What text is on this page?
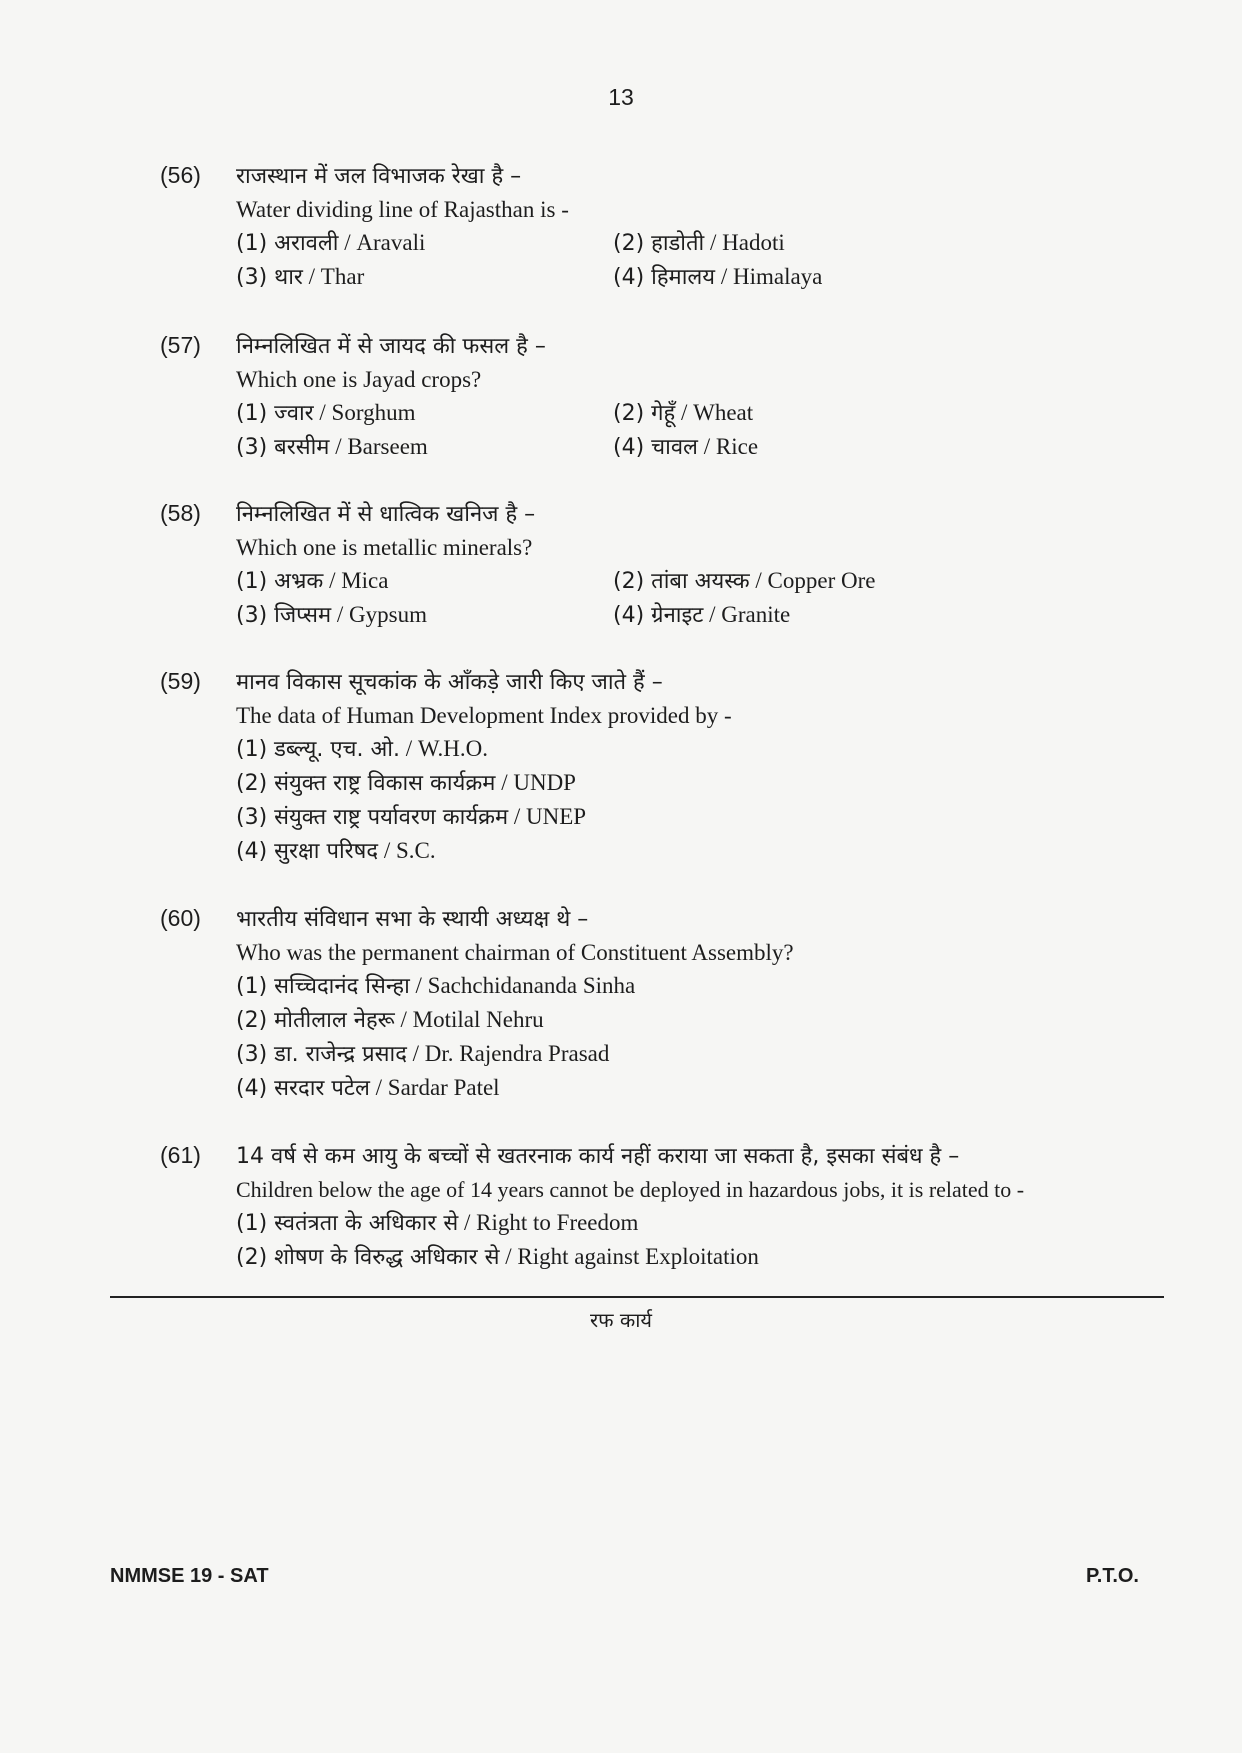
13
(56) राजस्थान में जल विभाजक रेखा है –
Water dividing line of Rajasthan is -
(1) अरावली / Aravali	(2) हाडोती / Hadoti
(3) थार / Thar	(4) हिमालय / Himalaya
(57) निम्नलिखित में से जायद की फसल है –
Which one is Jayad crops?
(1) ज्वार / Sorghum	(2) गेहूँ / Wheat
(3) बरसीम / Barseem	(4) चावल / Rice
(58) निम्नलिखित में से धात्विक खनिज है –
Which one is metallic minerals?
(1) अभ्रक / Mica	(2) तांबा अयस्क / Copper Ore
(3) जिप्सम / Gypsum	(4) ग्रेनाइट / Granite
(59) मानव विकास सूचकांक के आँकड़े जारी किए जाते हैं –
The data of Human Development Index provided by -
(1) डब्ल्यू. एच. ओ. / W.H.O.
(2) संयुक्त राष्ट्र विकास कार्यक्रम / UNDP
(3) संयुक्त राष्ट्र पर्यावरण कार्यक्रम / UNEP
(4) सुरक्षा परिषद / S.C.
(60) भारतीय संविधान सभा के स्थायी अध्यक्ष थे –
Who was the permanent chairman of Constituent Assembly?
(1) सच्चिदानंद सिन्हा / Sachchidananda Sinha
(2) मोतीलाल नेहरू / Motilal Nehru
(3) डा. राजेन्द्र प्रसाद / Dr. Rajendra Prasad
(4) सरदार पटेल / Sardar Patel
(61) 14 वर्ष से कम आयु के बच्चों से खतरनाक कार्य नहीं कराया जा सकता है, इसका संबंध है –
Children below the age of 14 years cannot be deployed in hazardous jobs, it is related to -
(1) स्वतंत्रता के अधिकार से / Right to Freedom
(2) शोषण के विरुद्ध अधिकार से / Right against Exploitation
रफ कार्य
NMMSE 19 - SAT	P.T.O.
